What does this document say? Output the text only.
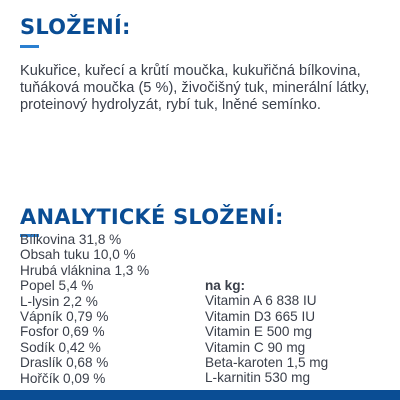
SLOŽENÍ:

Kukuřice, kuřecí a krůtí moučka, kukuřičná bílkovina, tuňáková moučka (5 %), živočišný tuk, minerální látky, proteinový hydrolyzát, rybí tuk, lněné semínko.

ANALYTICKÉ SLOŽENÍ:
Bílkovina 31,8 %
Obsah tuku 10,0 %
Hrubá vláknina 1,3 %
Popel 5,4 %
L-lysin 2,2 %
Vápník 0,79 %
Fosfor 0,69 %
Sodík 0,42 %
Draslík 0,68 %
Hořčík 0,09 %
na kg:
Vitamin A 6 838 IU
Vitamin D3 665 IU
Vitamin E 500 mg
Vitamin C 90 mg
Beta-karoten 1,5 mg
L-karnitin 530 mg
